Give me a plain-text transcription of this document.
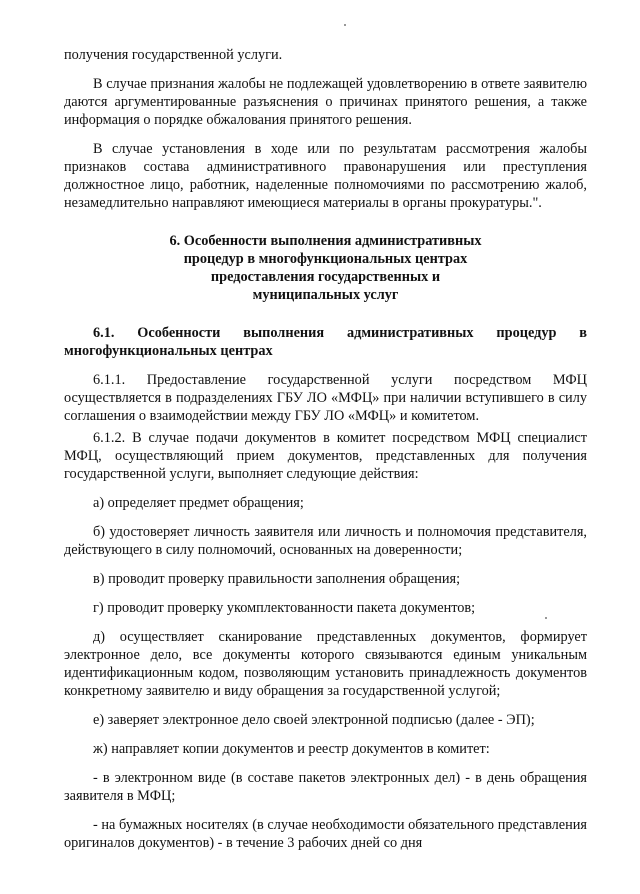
получения государственной услуги.

В случае признания жалобы не подлежащей удовлетворению в ответе заявителю даются аргументированные разъяснения о причинах принятого решения, а также информация о порядке обжалования принятого решения.

В случае установления в ходе или по результатам рассмотрения жалобы признаков состава административного правонарушения или преступления должностное лицо, работник, наделенные полномочиями по рассмотрению жалоб, незамедлительно направляют имеющиеся материалы в органы прокуратуры.".

6. Особенности выполнения административных
процедур в многофункциональных центрах
предоставления государственных и
муниципальных услуг

6.1. Особенности выполнения административных процедур в многофункциональных центрах

6.1.1. Предоставление государственной услуги посредством МФЦ осуществляется в подразделениях ГБУ ЛО «МФЦ» при наличии вступившего в силу соглашения о взаимодействии между ГБУ ЛО «МФЦ» и комитетом.

6.1.2. В случае подачи документов в комитет посредством МФЦ специалист МФЦ, осуществляющий прием документов, представленных для получения государственной услуги, выполняет следующие действия:

а) определяет предмет обращения;

б) удостоверяет личность заявителя или личность и полномочия представителя, действующего в силу полномочий, основанных на доверенности;

в) проводит проверку правильности заполнения обращения;

г) проводит проверку укомплектованности пакета документов;

д) осуществляет сканирование представленных документов, формирует электронное дело, все документы которого связываются единым уникальным идентификационным кодом, позволяющим установить принадлежность документов конкретному заявителю и виду обращения за государственной услугой;

е) заверяет электронное дело своей электронной подписью (далее - ЭП);

ж) направляет копии документов и реестр документов в комитет:

- в электронном виде (в составе пакетов электронных дел) - в день обращения заявителя в МФЦ;

- на бумажных носителях (в случае необходимости обязательного представления оригиналов документов) - в течение 3 рабочих дней со дня
